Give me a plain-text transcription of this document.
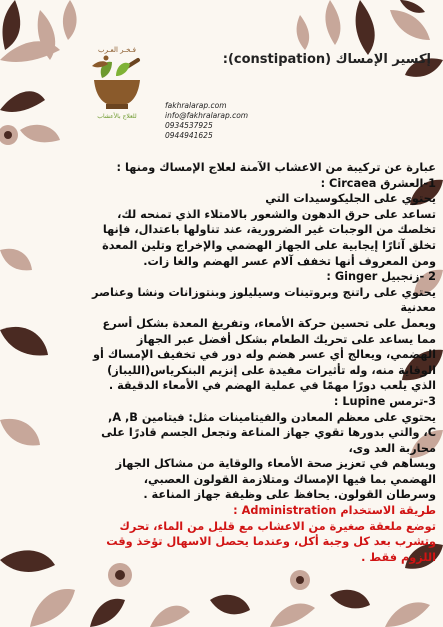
فـخـر العـرب
للعلاج بالأعشاب
إكسير الإمساك (constipation):
fakhralarap.com
info@fakhralarap.com
0934537925
0944941625

عبارة عن تركيبة من الاعشاب الآمنة لعلاج الإمساك ومنها :

1-العشرق Circaea :

يحتوي على الجليكوسيدات التي

تساعد على حرق الدهون والشعور بالامتلاء الذي تمنحه لك،

تخلصك من الوجبات غير الضرورية، عند تناولها باعتدال، فإنها

تخلق آثارًا إيجابية على الجهاز الهضمي والإخراج وتلين المعدة

ومن المعروف أنها تخفف آلام عسر الهضم والغا زات.

2 -زنجبيل Ginger :

يحتوي على راتنج وبروتينات وسيليلوز وبنتوزانات ونشا وعناصر

معدنية

ويعمل على تحسين حركة الأمعاء، وتفريغ المعدة بشكل أسرع

مما يساعد على تحريك الطعام بشكل أفضل عبر الجهاز

الهضمي، ويعالج أي عسر هضم وله دور في تخفيف الإمساك أو

الوقاية منه، وله تأثيرات مفيدة على إنزيم البنكرياس(الليباز)

الذي يلعب دورًا مهمًا في عملية الهضم في الأمعاء الدقيقة .

3-ترمس Lupine :

يحتوي على معظم المعادن والفيتامينات مثل: فيتامين A ,B,

C، والتي بدورها تقوي جهاز المناعة وتجعل الجسم قادرًا على

محاربة العد وى،

ويساهم في تعزيز صحة الأمعاء والوقاية من مشاكل الجهاز

الهضمي بما فيها الإمساك ومتلازمة القولون العصبي،

وسرطان القولون. يحافظ على وظيفة جهاز المناعة .

طريقة الاستخدام Administration :

توضع ملعقة صغيرة من الاعشاب مع قليل من الماء، تحرك

وتشرب بعد كل وجبة أكل، وعندما يحصل الاسهال تؤخذ وقت

اللزوم فقط .
